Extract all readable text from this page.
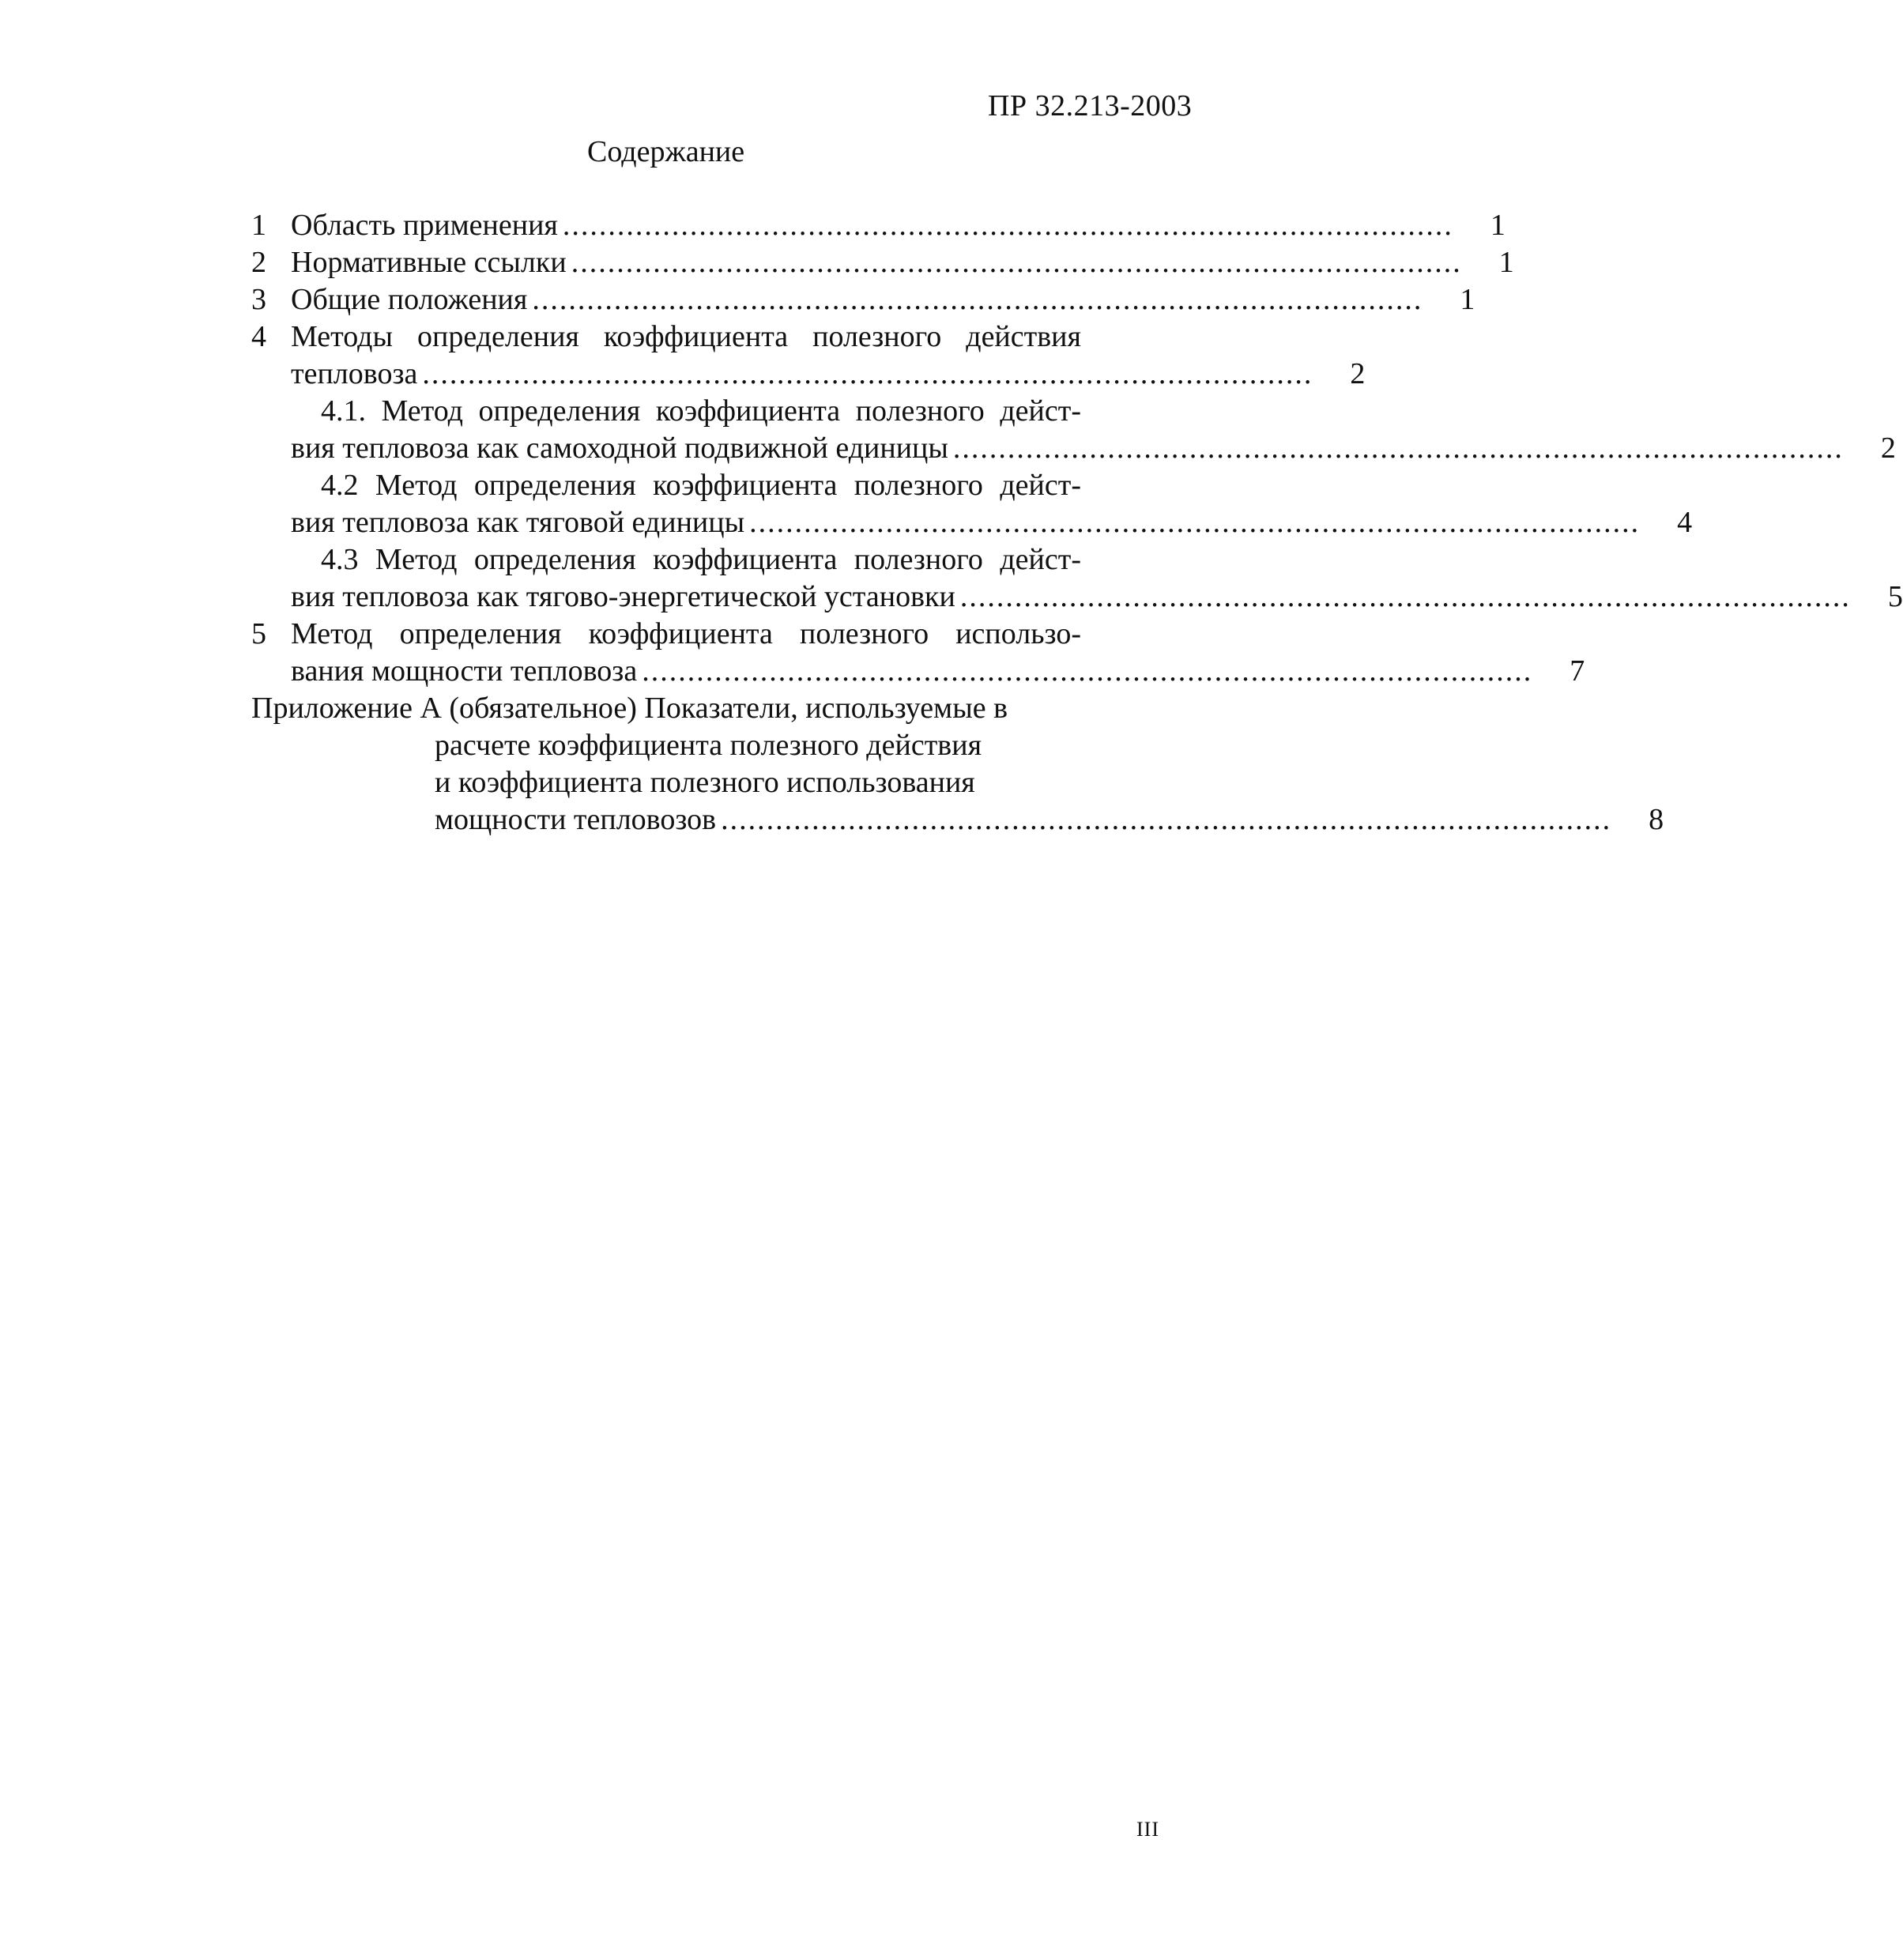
ПР 32.213-2003
Содержание
1 Область применения ..................................................................................................	1
2 Нормативные ссылки ..................................................................................................	1
3 Общие положения ..................................................................................................	1
4 Методы определения коэффициента полезного действия
тепловоза ..................................................................................................	2
4.1. Метод определения коэффициента полезного дейст-
вия тепловоза как самоходной подвижной единицы ..................................................................................................	2
4.2 Метод определения коэффициента полезного дейст-
вия тепловоза как тяговой единицы ..................................................................................................	4
4.3 Метод определения коэффициента полезного дейст-
вия тепловоза как тягово-энергетической установки ..................................................................................................	5
5 Метод определения коэффициента полезного использо-
вания мощности тепловоза ..................................................................................................	7
Приложение А (обязательное) Показатели, используемые в
расчете коэффициента полезного действия
и коэффициента полезного использования
мощности тепловозов ..................................................................................................	8
III
